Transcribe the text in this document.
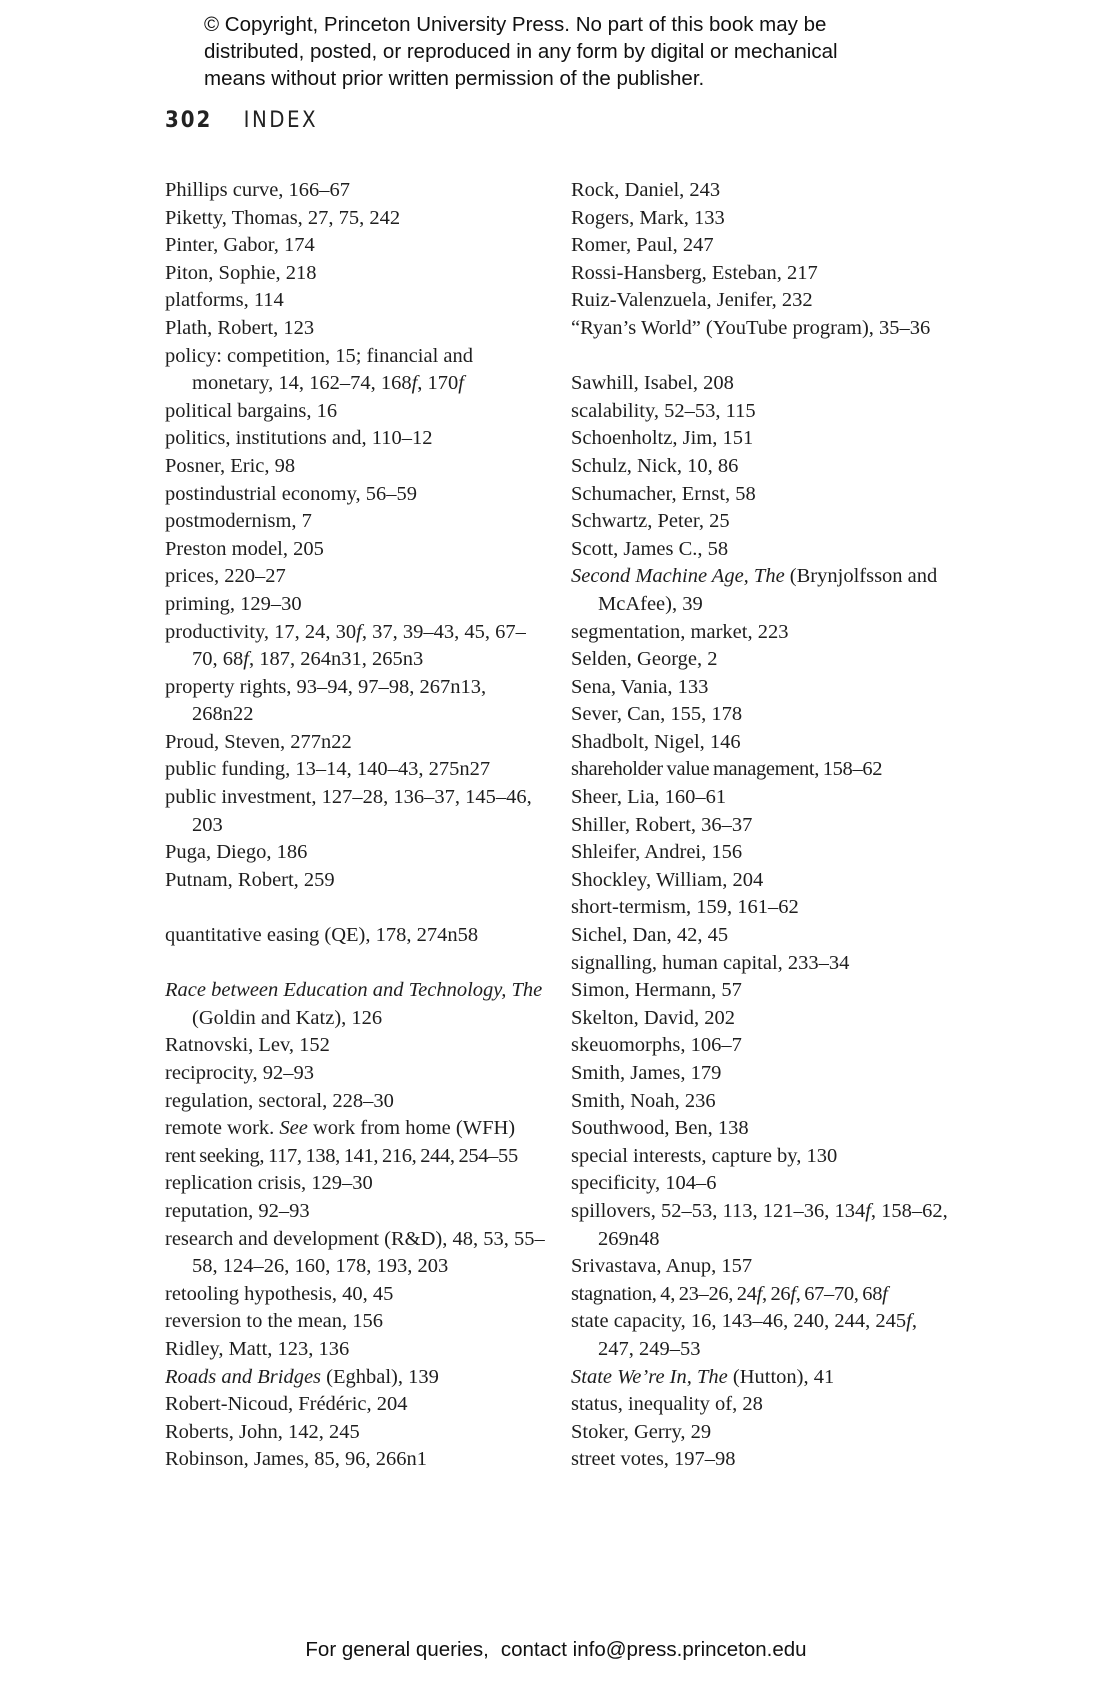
© Copyright, Princeton University Press. No part of this book may be
distributed, posted, or reproduced in any form by digital or mechanical
means without prior written permission of the publisher.
302 INDEX
Phillips curve, 166–67
Piketty, Thomas, 27, 75, 242
Pinter, Gabor, 174
Piton, Sophie, 218
platforms, 114
Plath, Robert, 123
policy: competition, 15; financial and monetary, 14, 162–74, 168f, 170f
political bargains, 16
politics, institutions and, 110–12
Posner, Eric, 98
postindustrial economy, 56–59
postmodernism, 7
Preston model, 205
prices, 220–27
priming, 129–30
productivity, 17, 24, 30f, 37, 39–43, 45, 67–70, 68f, 187, 264n31, 265n3
property rights, 93–94, 97–98, 267n13, 268n22
Proud, Steven, 277n22
public funding, 13–14, 140–43, 275n27
public investment, 127–28, 136–37, 145–46, 203
Puga, Diego, 186
Putnam, Robert, 259
quantitative easing (QE), 178, 274n58
Race between Education and Technology, The (Goldin and Katz), 126
Ratnovski, Lev, 152
reciprocity, 92–93
regulation, sectoral, 228–30
remote work. See work from home (WFH)
rent seeking, 117, 138, 141, 216, 244, 254–55
replication crisis, 129–30
reputation, 92–93
research and development (R&D), 48, 53, 55–58, 124–26, 160, 178, 193, 203
retooling hypothesis, 40, 45
reversion to the mean, 156
Ridley, Matt, 123, 136
Roads and Bridges (Eghbal), 139
Robert-Nicoud, Frédéric, 204
Roberts, John, 142, 245
Robinson, James, 85, 96, 266n1
Rock, Daniel, 243
Rogers, Mark, 133
Romer, Paul, 247
Rossi-Hansberg, Esteban, 217
Ruiz-Valenzuela, Jenifer, 232
“Ryan’s World” (YouTube program), 35–36
Sawhill, Isabel, 208
scalability, 52–53, 115
Schoenholtz, Jim, 151
Schulz, Nick, 10, 86
Schumacher, Ernst, 58
Schwartz, Peter, 25
Scott, James C., 58
Second Machine Age, The (Brynjolfsson and McAfee), 39
segmentation, market, 223
Selden, George, 2
Sena, Vania, 133
Sever, Can, 155, 178
Shadbolt, Nigel, 146
shareholder value management, 158–62
Sheer, Lia, 160–61
Shiller, Robert, 36–37
Shleifer, Andrei, 156
Shockley, William, 204
short-termism, 159, 161–62
Sichel, Dan, 42, 45
signalling, human capital, 233–34
Simon, Hermann, 57
Skelton, David, 202
skeuomorphs, 106–7
Smith, James, 179
Smith, Noah, 236
Southwood, Ben, 138
special interests, capture by, 130
specificity, 104–6
spillovers, 52–53, 113, 121–36, 134f, 158–62, 269n48
Srivastava, Anup, 157
stagnation, 4, 23–26, 24f, 26f, 67–70, 68f
state capacity, 16, 143–46, 240, 244, 245f, 247, 249–53
State We’re In, The (Hutton), 41
status, inequality of, 28
Stoker, Gerry, 29
street votes, 197–98
For general queries, contact info@press.princeton.edu
